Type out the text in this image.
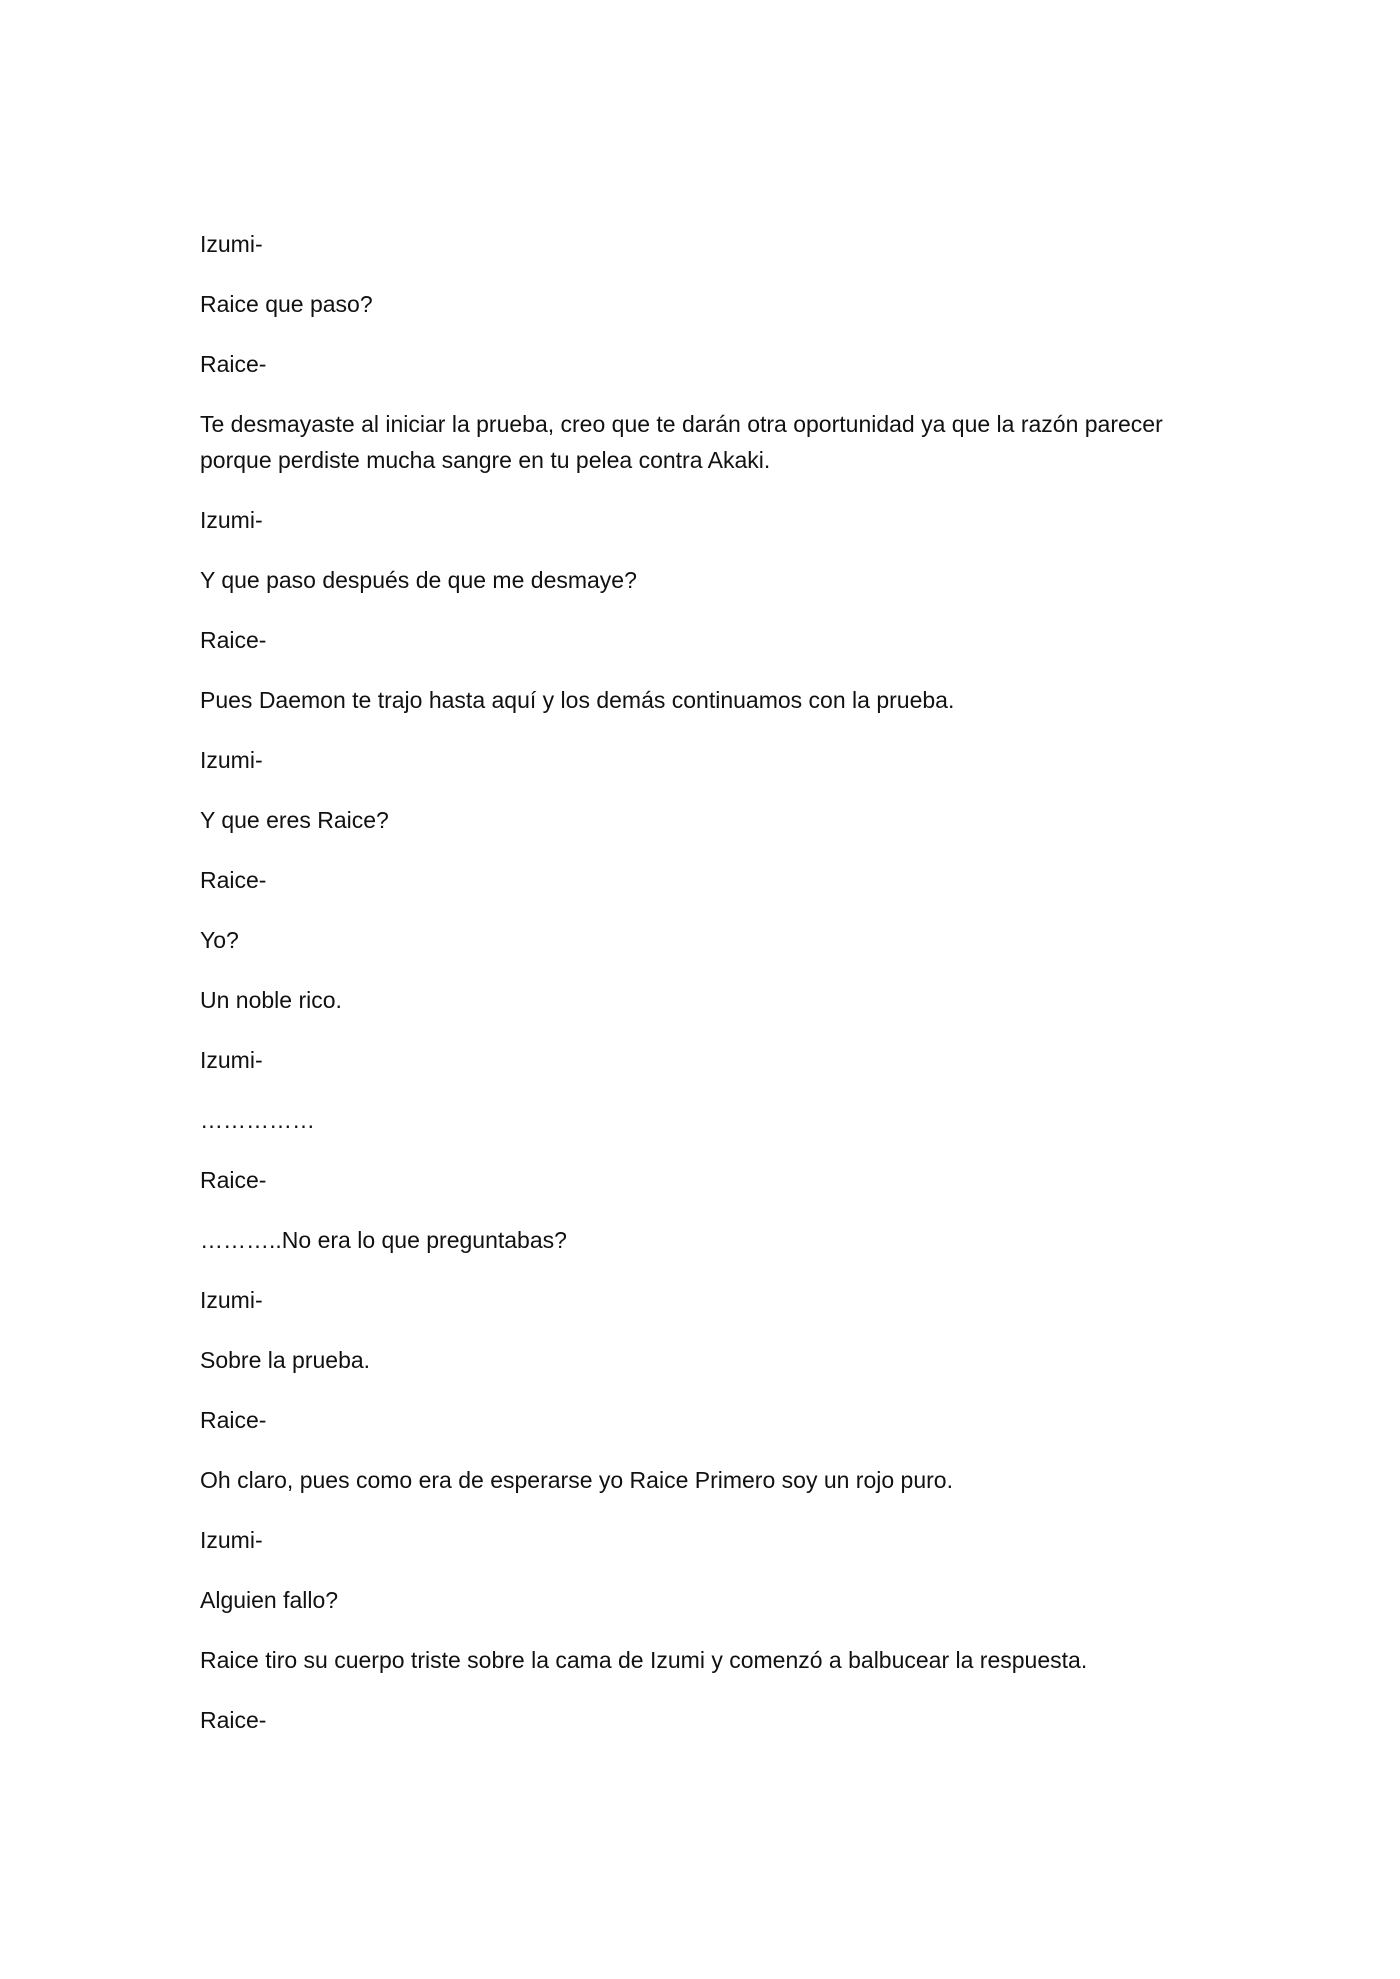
Izumi-

Raice que paso?

Raice-

Te desmayaste al iniciar la prueba, creo que te darán otra oportunidad ya que la razón parecer porque perdiste mucha sangre en tu pelea contra Akaki.

Izumi-

Y que paso después de que me desmaye?

Raice-

Pues Daemon te trajo hasta aquí y los demás continuamos con la prueba.

Izumi-

Y que eres Raice?

Raice-

Yo?

Un noble rico.

Izumi-

……………

Raice-

………..No era lo que preguntabas?

Izumi-

Sobre la prueba.

Raice-

Oh claro, pues como era de esperarse yo Raice Primero soy un rojo puro.

Izumi-

Alguien fallo?

Raice tiro su cuerpo triste sobre la cama de Izumi y comenzó a balbucear la respuesta.

Raice-
